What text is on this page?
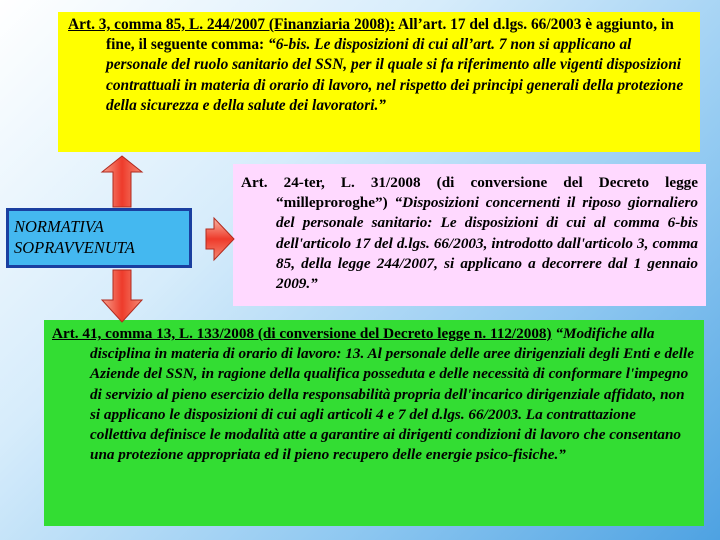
Art. 3, comma 85, L. 244/2007 (Finanziaria 2008): All’art. 17 del d.lgs. 66/2003 è aggiunto, in fine, il seguente comma: “6-bis. Le disposizioni di cui all’art. 7 non si applicano al personale del ruolo sanitario del SSN, per il quale si fa riferimento alle vigenti disposizioni contrattuali in materia di orario di lavoro, nel rispetto dei principi generali della protezione della sicurezza e della salute dei lavoratori.”

Art. 24-ter, L. 31/2008 (di conversione del Decreto legge “milleproroghe”) “Disposizioni concernenti il riposo giornaliero del personale sanitario: Le disposizioni di cui al comma 6-bis dell'articolo 17 del d.lgs. 66/2003, introdotto dall'articolo 3, comma 85, della legge 244/2007, si applicano a decorrere dal 1 gennaio 2009.”

Art. 41, comma 13, L. 133/2008 (di conversione del Decreto legge n. 112/2008) “Modifiche alla disciplina in materia di orario di lavoro: 13. Al personale delle aree dirigenziali degli Enti e delle Aziende del SSN, in ragione della qualifica posseduta e delle necessità di conformare l'impegno di servizio al pieno esercizio della responsabilità propria dell'incarico dirigenziale affidato, non si applicano le disposizioni di cui agli articoli 4 e 7 del d.lgs. 66/2003. La contrattazione collettiva definisce le modalità atte a garantire ai dirigenti condizioni di lavoro che consentano una protezione appropriata ed il pieno recupero delle energie psico-fisiche.”

NORMATIVA
SOPRAVVENUTA
